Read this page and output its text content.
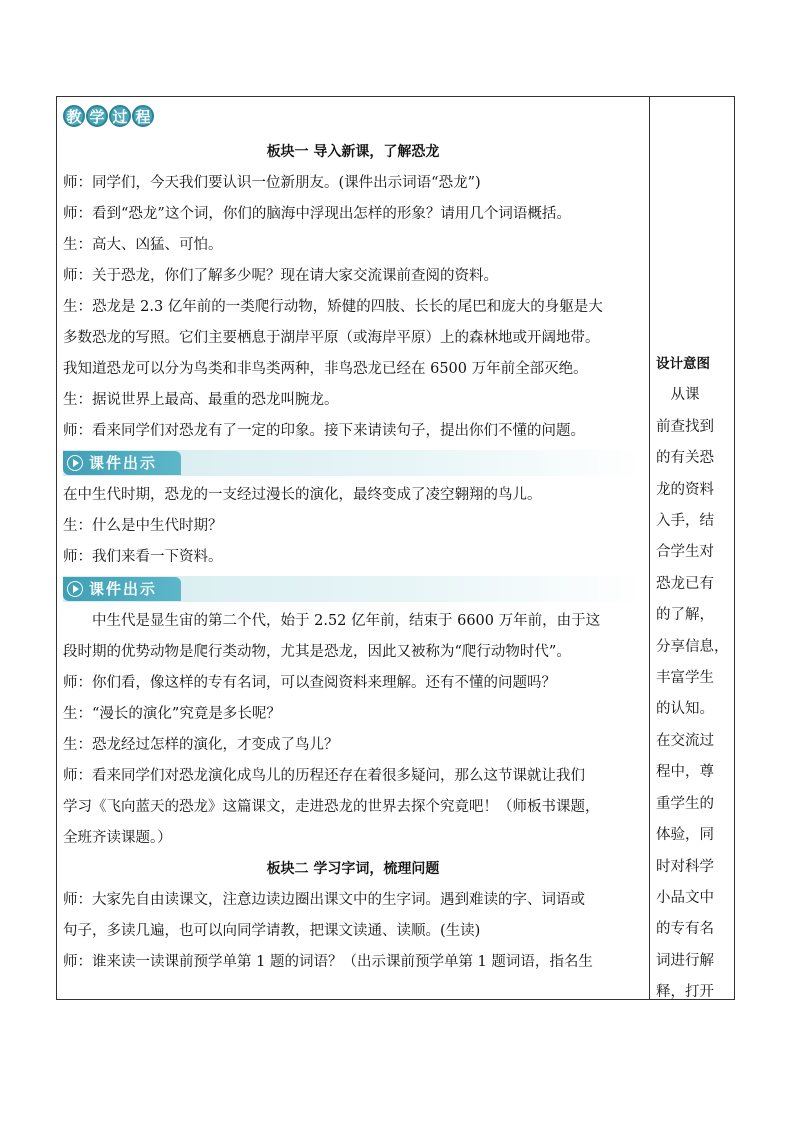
教 学 过 程
板块一 导入新课，了解恐龙
师：同学们，今天我们要认识一位新朋友。(课件出示词语“恐龙”)
师：看到“恐龙”这个词，你们的脑海中浮现出怎样的形象？请用几个词语概括。
生：高大、凶猛、可怕。
师：关于恐龙，你们了解多少呢？现在请大家交流课前查阅的资料。
生：恐龙是 2.3 亿年前的一类爬行动物，矫健的四肢、长长的尾巴和庞大的身躯是大
多数恐龙的写照。它们主要栖息于湖岸平原（或海岸平原）上的森林地或开阔地带。
我知道恐龙可以分为鸟类和非鸟类两种，非鸟恐龙已经在 6500 万年前全部灭绝。
生：据说世界上最高、最重的恐龙叫腕龙。
师：看来同学们对恐龙有了一定的印象。接下来请读句子，提出你们不懂的问题。
课件出示
在中生代时期，恐龙的一支经过漫长的演化，最终变成了凌空翱翔的鸟儿。
生：什么是中生代时期？
师：我们来看一下资料。
课件出示
中生代是显生宙的第二个代，始于 2.52 亿年前，结束于 6600 万年前，由于这
段时期的优势动物是爬行类动物，尤其是恐龙，因此又被称为“爬行动物时代”。
师：你们看，像这样的专有名词，可以查阅资料来理解。还有不懂的问题吗？
生：“漫长的演化”究竟是多长呢？
生：恐龙经过怎样的演化，才变成了鸟儿？
师：看来同学们对恐龙演化成鸟儿的历程还存在着很多疑问，那么这节课就让我们
学习《飞向蓝天的恐龙》这篇课文，走进恐龙的世界去探个究竟吧！（师板书课题，
全班齐读课题。）
板块二 学习字词，梳理问题
师：大家先自由读课文，注意边读边圈出课文中的生字词。遇到难读的字、词语或
句子，多读几遍，也可以向同学请教，把课文读通、读顺。(生读)
师：谁来读一读课前预学单第 1 题的词语？（出示课前预学单第 1 题词语，指名生
设计意图
　从课
前查找到
的有关恐
龙的资料
入手，结
合学生对
恐龙已有
的了解，
分享信息，
丰富学生
的认知。
在交流过
程中，尊
重学生的
体验，同
时对科学
小品文中
的专有名
词进行解
释，打开
